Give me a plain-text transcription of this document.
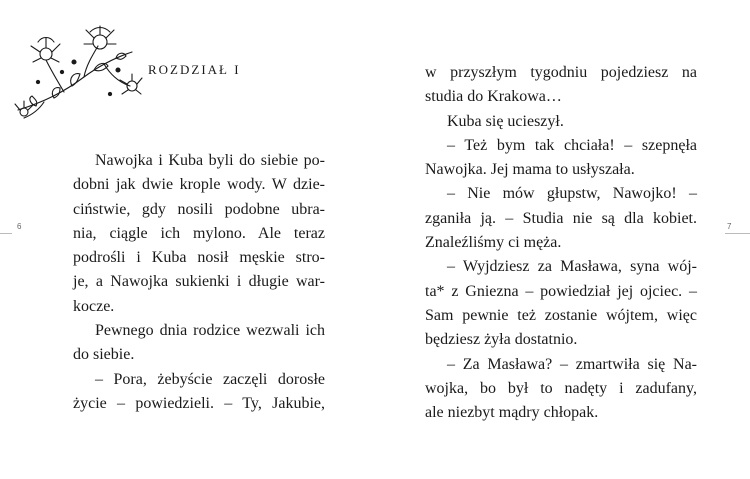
ROZDZIAŁ I
Nawojka i Kuba byli do siebie po-
dobni jak dwie krople wody. W dzie-
ciństwie, gdy nosili podobne ubra-
nia, ciągle ich mylono. Ale teraz
podrośli i Kuba nosił męskie stro-
je, a Nawojka sukienki i długie war-
kocze.
Pewnego dnia rodzice wezwali ich
do siebie.
– Pora, żebyście zaczęli dorosłe
życie – powiedzieli. – Ty, Jakubie,
6
w przyszłym tygodniu pojedziesz na
studia do Krakowa…
Kuba się ucieszył.
– Też bym tak chciała! – szepnęła
Nawojka. Jej mama to usłyszała.
– Nie mów głupstw, Nawojko! –
zganiła ją. – Studia nie są dla kobiet.
Znaleźliśmy ci męża.
– Wyjdziesz za Masława, syna wój-
ta* z Gniezna – powiedział jej ojciec. –
Sam pewnie też zostanie wójtem, więc
będziesz żyła dostatnio.
– Za Masława? – zmartwiła się Na-
wojka, bo był to nadęty i zadufany,
ale niezbyt mądry chłopak.
7
